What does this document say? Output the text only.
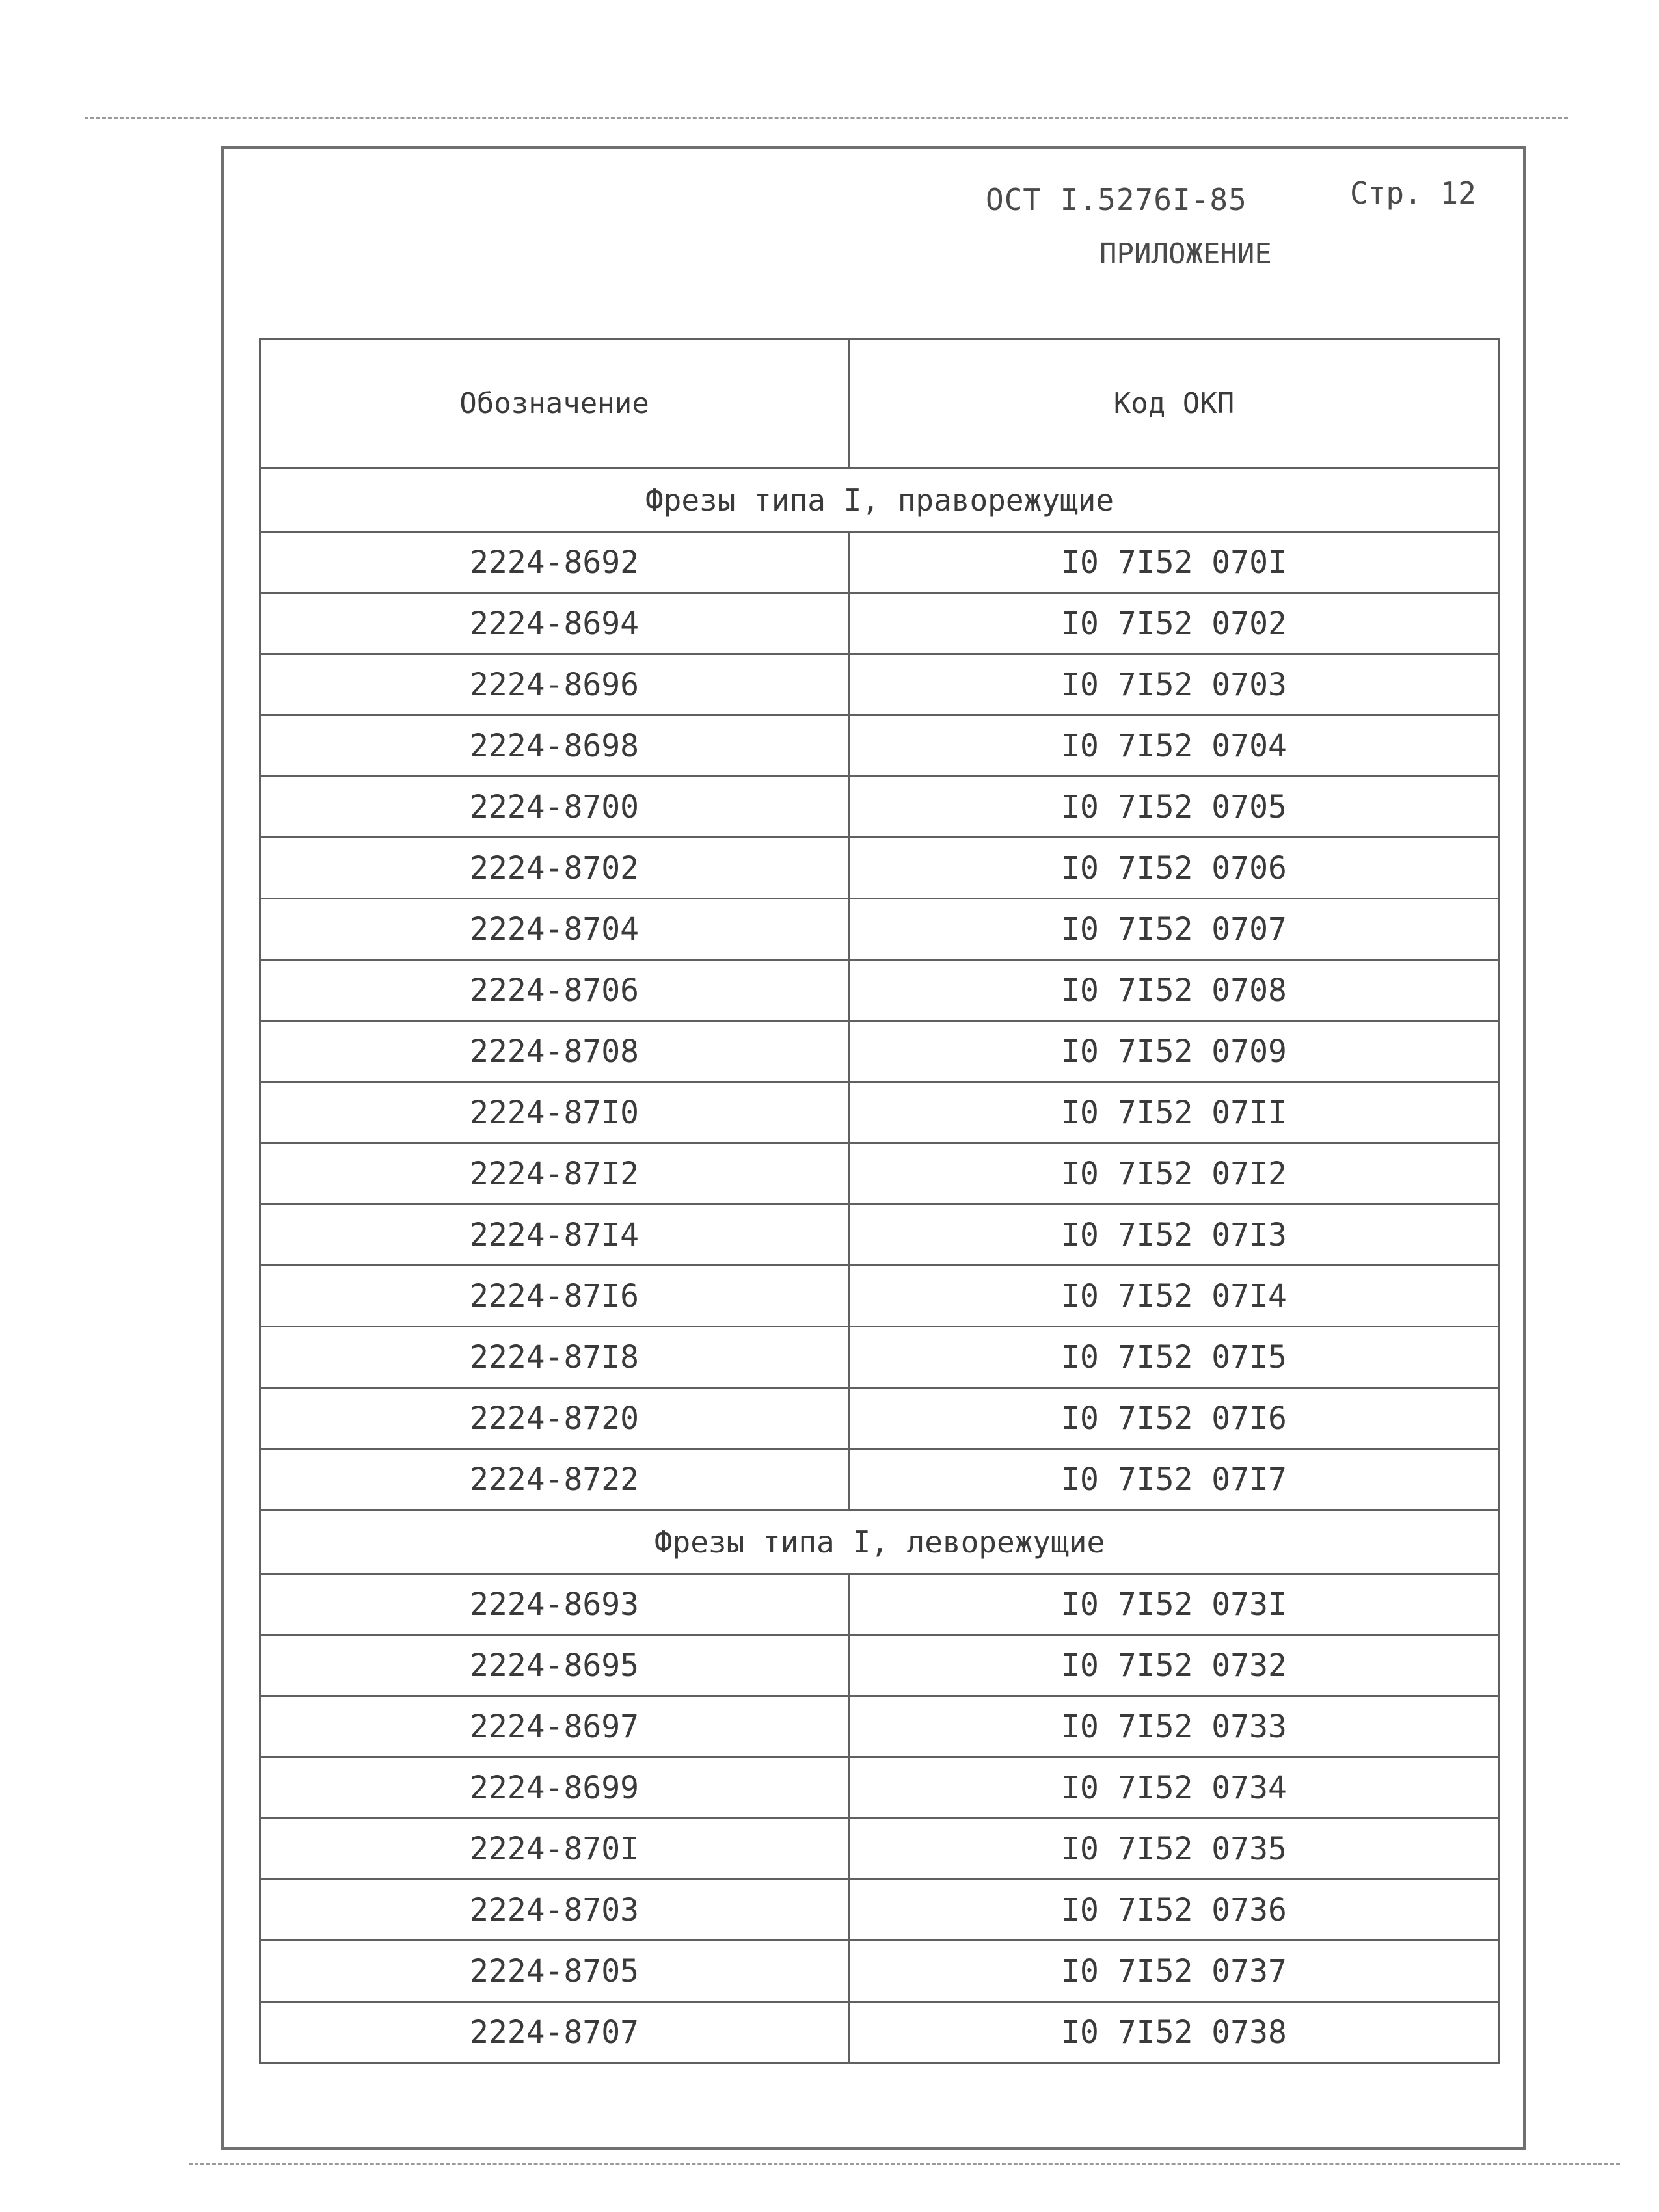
ОСТ I.5276I-85	Стр. 12
ПРИЛОЖЕНИЕ
Обозначение	Код ОКП
Фрезы типа I, праворежущие	
2224-8692	I0 7I52 070I
2224-8694	I0 7I52 0702
2224-8696	I0 7I52 0703
2224-8698	I0 7I52 0704
2224-8700	I0 7I52 0705
2224-8702	I0 7I52 0706
2224-8704	I0 7I52 0707
2224-8706	I0 7I52 0708
2224-8708	I0 7I52 0709
2224-87I0	I0 7I52 07II
2224-87I2	I0 7I52 07I2
2224-87I4	I0 7I52 07I3
2224-87I6	I0 7I52 07I4
2224-87I8	I0 7I52 07I5
2224-8720	I0 7I52 07I6
2224-8722	I0 7I52 07I7
Фрезы типа I, леворежущие	
2224-8693	I0 7I52 073I
2224-8695	I0 7I52 0732
2224-8697	I0 7I52 0733
2224-8699	I0 7I52 0734
2224-870I	I0 7I52 0735
2224-8703	I0 7I52 0736
2224-8705	I0 7I52 0737
2224-8707	I0 7I52 0738
